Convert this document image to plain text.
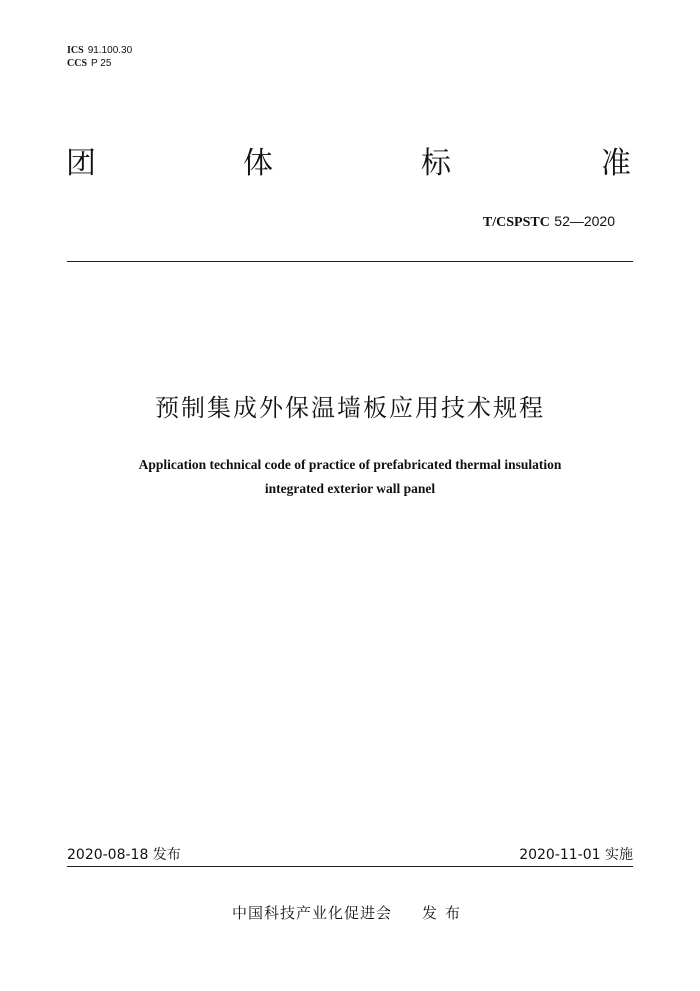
ICS 91.100.30
CCS P 25
团	体	标	准
T/CSPSTC 52—2020
预制集成外保温墙板应用技术规程
Application technical code of practice of prefabricated thermal insulation
integrated exterior wall panel
2020-08-18 发布	2020-11-01 实施
中国科技产业化促进会 发布
